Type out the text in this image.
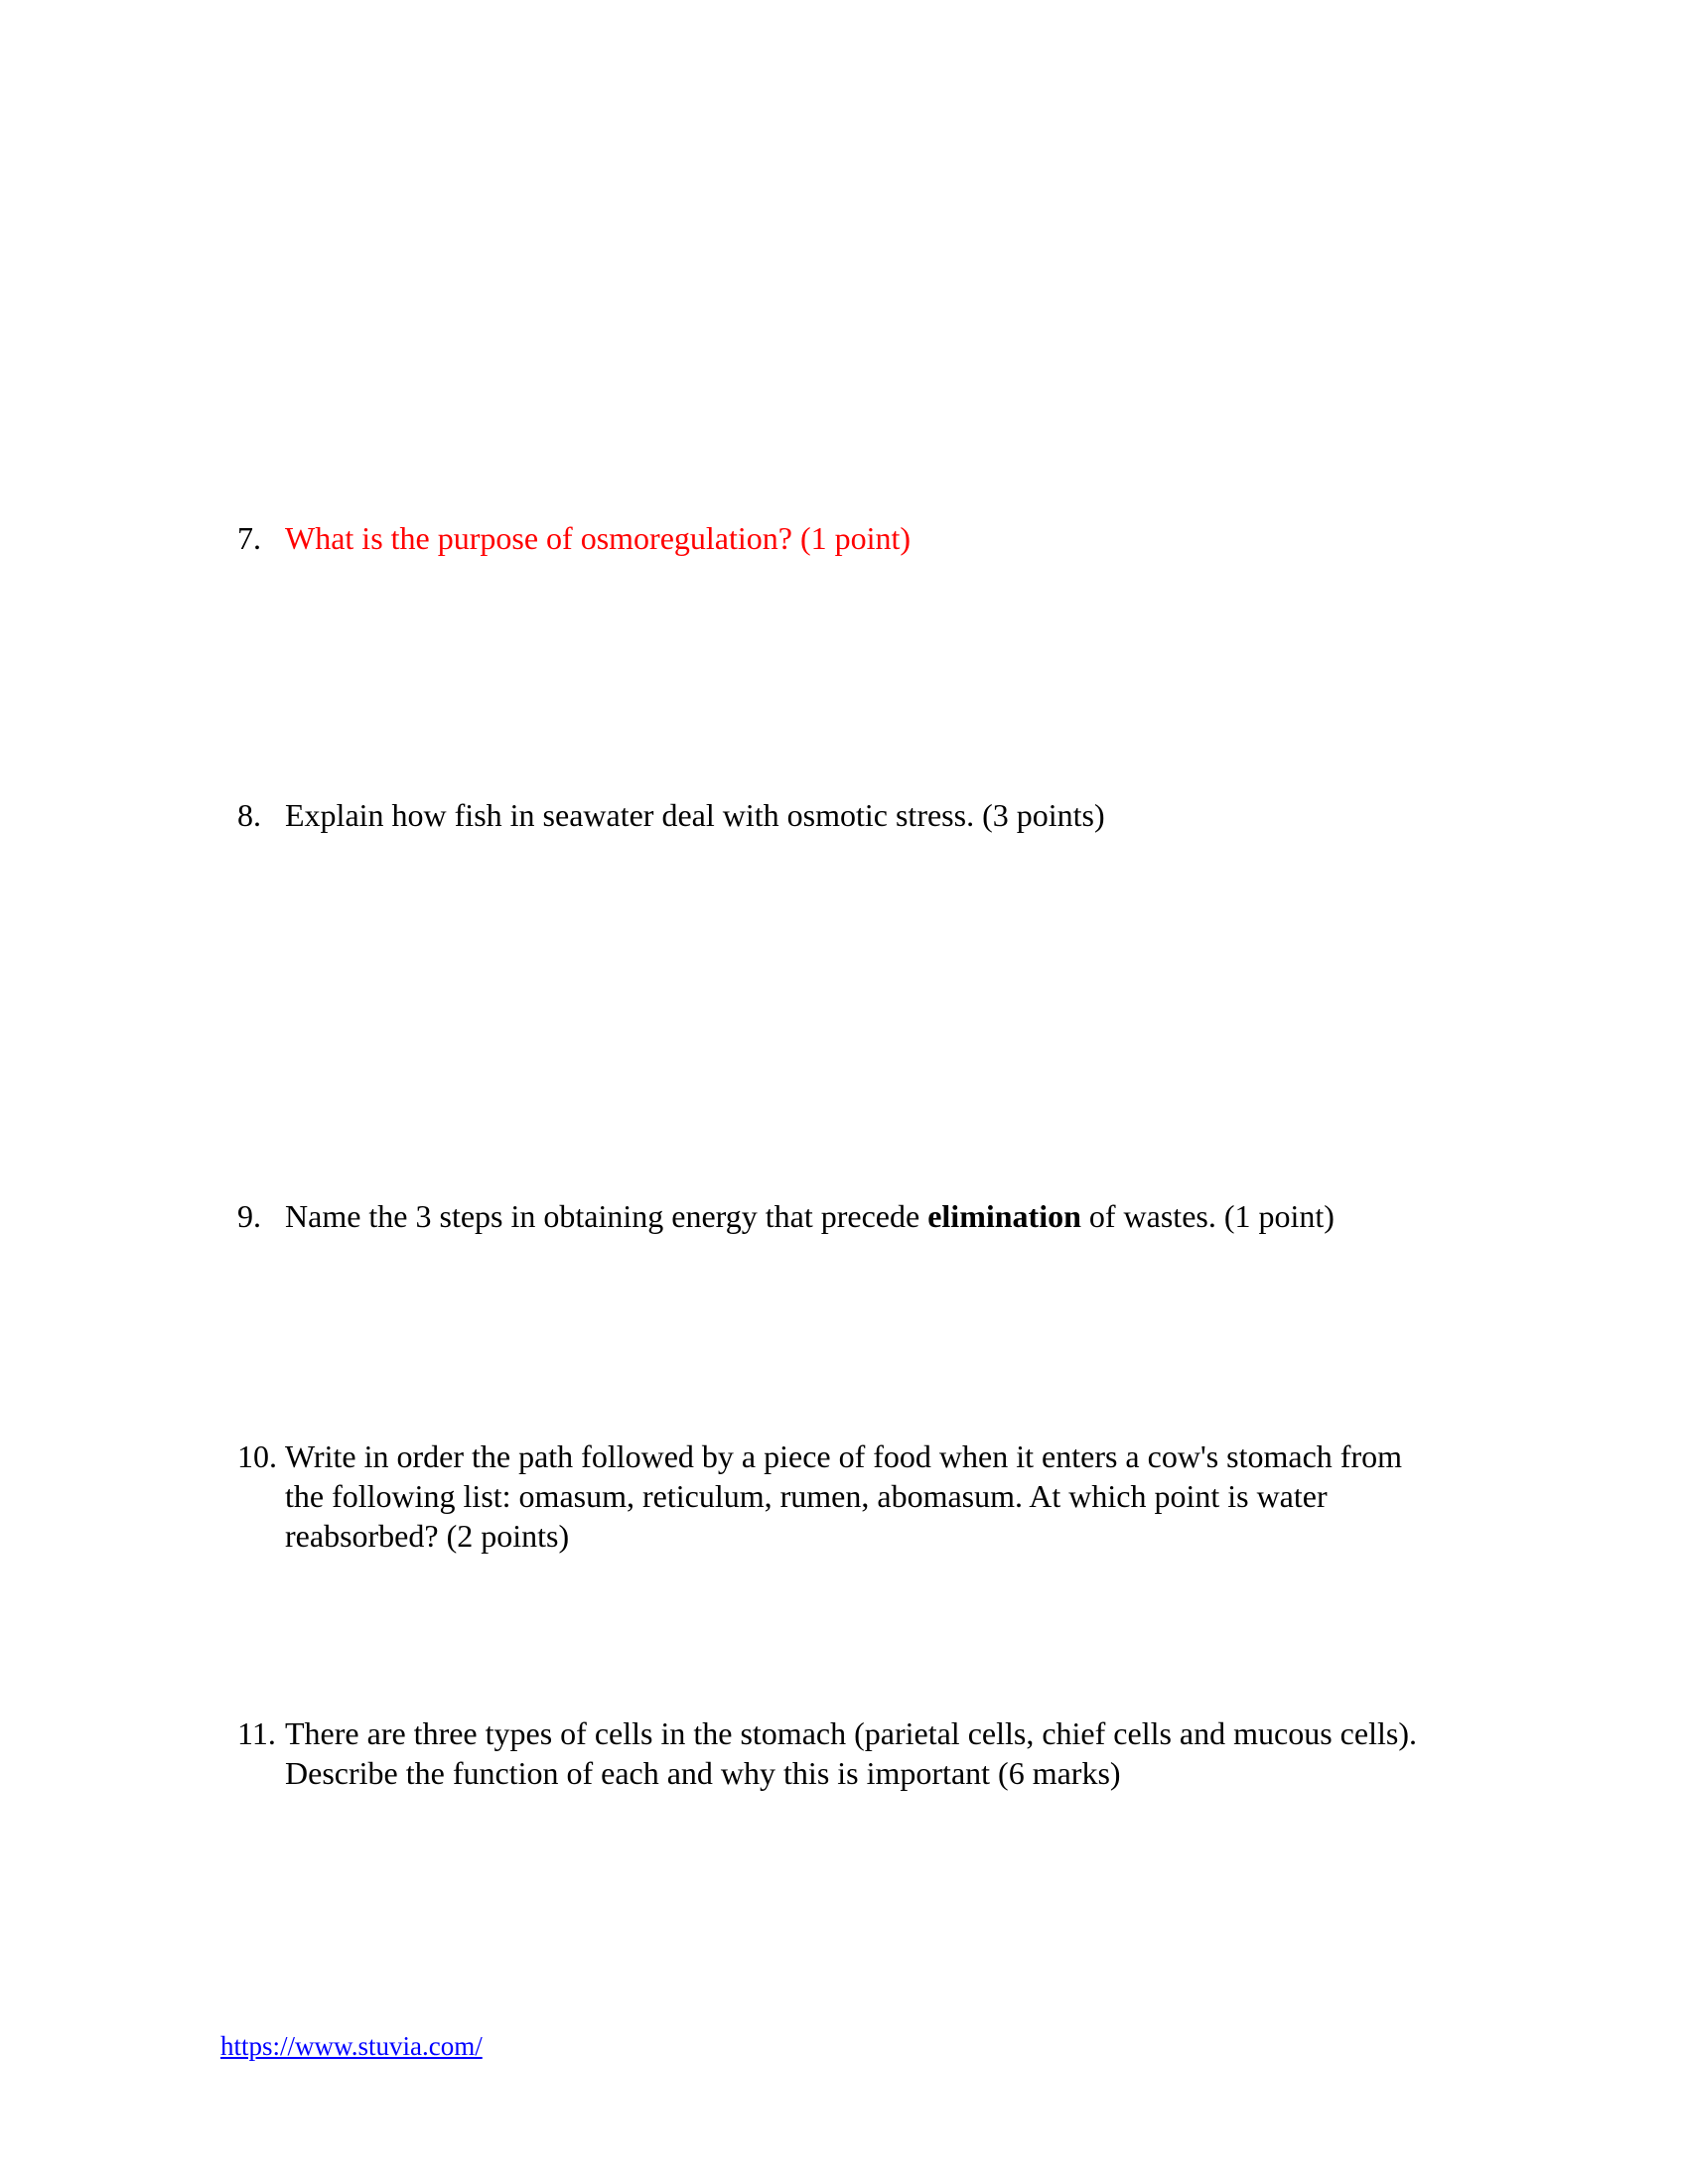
7. What is the purpose of osmoregulation? (1 point)
8. Explain how fish in seawater deal with osmotic stress. (3 points)
9. Name the 3 steps in obtaining energy that precede elimination of wastes. (1 point)
10. Write in order the path followed by a piece of food when it enters a cow's stomach from
the following list: omasum, reticulum, rumen, abomasum. At which point is water
reabsorbed? (2 points)
11. There are three types of cells in the stomach (parietal cells, chief cells and mucous cells).
Describe the function of each and why this is important (6 marks)
https://www.stuvia.com/
